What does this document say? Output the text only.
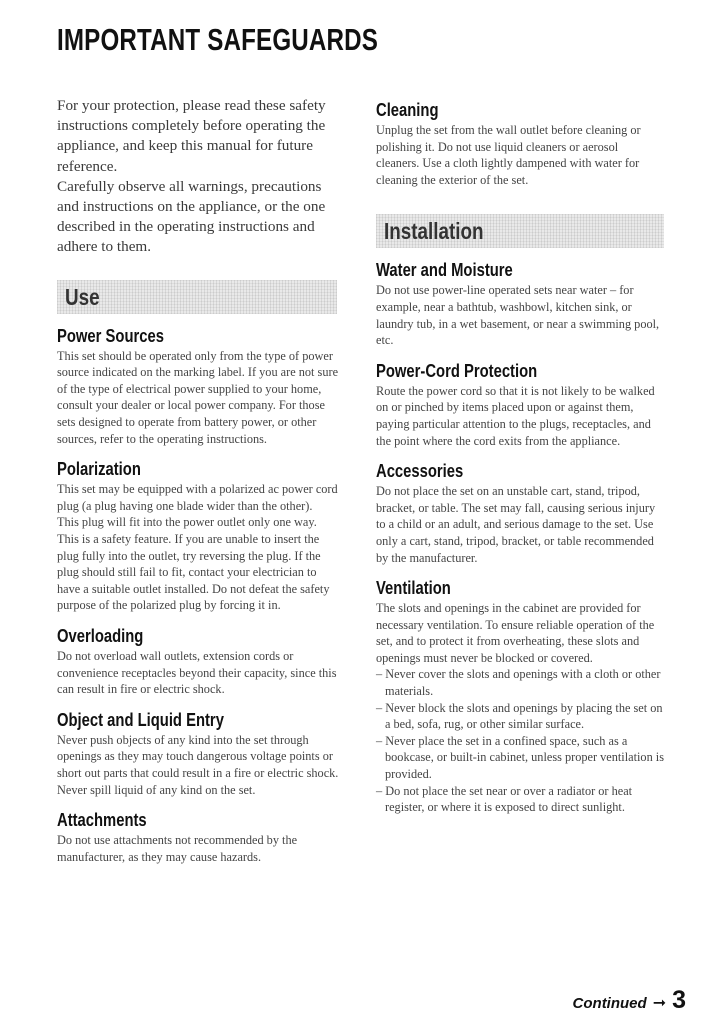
IMPORTANT SAFEGUARDS

For your protection, please read these safety instructions completely before operating the appliance, and keep this manual for future reference.

Carefully observe all warnings, precautions and instructions on the appliance, or the one described in the operating instructions and adhere to them.

Use
Power Sources

This set should be operated only from the type of power source indicated on the marking label. If you are not sure of the type of electrical power supplied to your home, consult your dealer or local power company. For those sets designed to operate from battery power, or other sources, refer to the operating instructions.

Polarization

This set may be equipped with a polarized ac power cord plug (a plug having one blade wider than the other).

This plug will fit into the power outlet only one way. This is a safety feature. If you are unable to insert the plug fully into the outlet, try reversing the plug. If the plug should still fail to fit, contact your electrician to have a suitable outlet installed. Do not defeat the safety purpose of the polarized plug by forcing it in.

Overloading

Do not overload wall outlets, extension cords or convenience receptacles beyond their capacity, since this can result in fire or electric shock.

Object and Liquid Entry

Never push objects of any kind into the set through openings as they may touch dangerous voltage points or short out parts that could result in a fire or electric shock. Never spill liquid of any kind on the set.

Attachments

Do not use attachments not recommended by the manufacturer, as they may cause hazards.

Cleaning

Unplug the set from the wall outlet before cleaning or polishing it. Do not use liquid cleaners or aerosol cleaners. Use a cloth lightly dampened with water for cleaning the exterior of the set.

Installation
Water and Moisture

Do not use power-line operated sets near water – for example, near a bathtub, washbowl, kitchen sink, or laundry tub, in a wet basement, or near a swimming pool, etc.

Power-Cord Protection

Route the power cord so that it is not likely to be walked on or pinched by items placed upon or against them, paying particular attention to the plugs, receptacles, and the point where the cord exits from the appliance.

Accessories

Do not place the set on an unstable cart, stand, tripod, bracket, or table. The set may fall, causing serious injury to a child or an adult, and serious damage to the set. Use only a cart, stand, tripod, bracket, or table recommended by the manufacturer.

Ventilation

The slots and openings in the cabinet are provided for necessary ventilation. To ensure reliable operation of the set, and to protect it from overheating, these slots and openings must never be blocked or covered.

– Never cover the slots and openings with a cloth or other materials.
– Never block the slots and openings by placing the set on a bed, sofa, rug, or other similar surface.
– Never place the set in a confined space, such as a bookcase, or built-in cabinet, unless proper ventilation is provided.
– Do not place the set near or over a radiator or heat register, or where it is exposed to direct sunlight.
Continued ➞ 3
